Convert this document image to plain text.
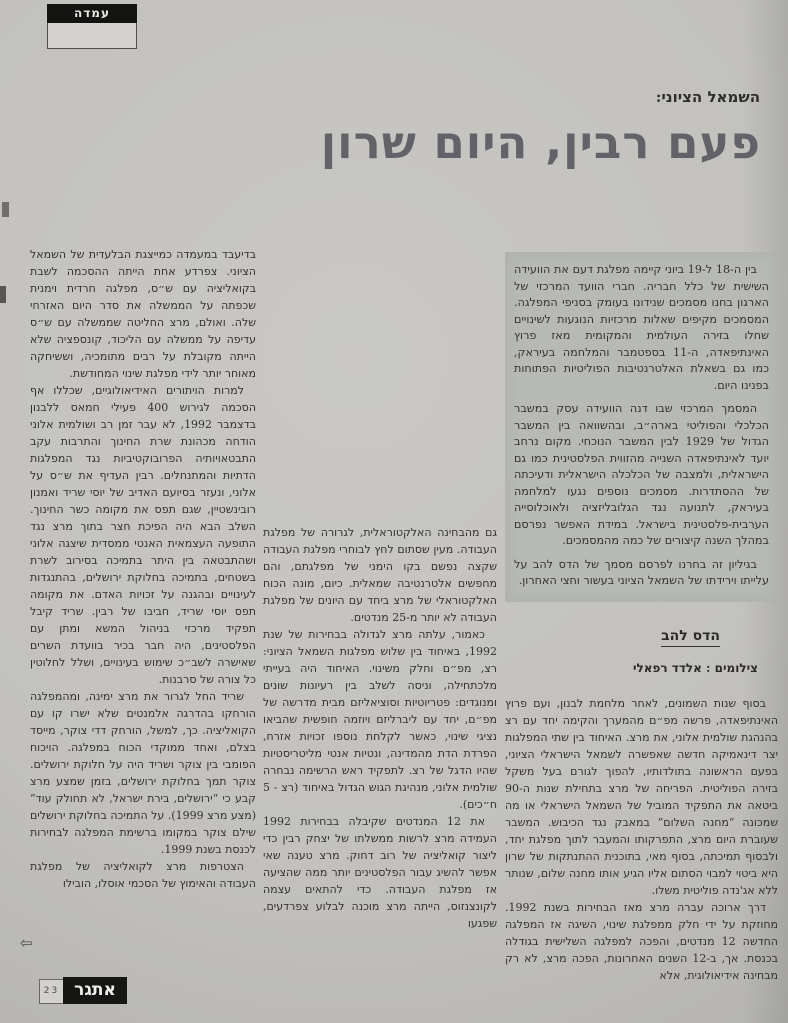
עמדה
השמאל הציוני:
פעם רבין, היום שרון

בין ה-18 ל-19 ביוני קיימה מפלגת דעם את הוועידה השישית של כלל חבריה. חברי הוועד המרכזי של הארגון בחנו מסמכים שנידונו בעומק בסניפי המפלגה. המסמכים מקיפים שאלות מרכזיות הנוגעות לשינויים שחלו בזירה העולמית והמקומית מאז פרוץ האינתיפאדה, ה-11 בספטמבר והמלחמה בעיראק, כמו גם בשאלת האלטרנטיבות הפוליטיות הפתוחות בפנינו היום.

המסמך המרכזי שבו דנה הוועידה עסק במשבר הכלכלי והפוליטי בארה״ב, ובהשוואה בין המשבר הגדול של 1929 לבין המשבר הנוכחי. מקום נרחב יועד לאינתיפאדה השנייה מהזווית הפלסטינית כמו גם הישראלית, ולמצבה של הכלכלה הישראלית ודעיכתה של ההסתדרות. מסמכים נוספים נגעו למלחמה בעיראק, לתנועה נגד הגלובליזציה ולאוכלוסייה הערבית-פלסטינית בישראל. במידת האפשר נפרסם במהלך השנה קיצורים של כמה מהמסמכים.

בגיליון זה בחרנו לפרסם מסמך של הדס להב על עלייתו וירידתו של השמאל הציוני בעשור וחצי האחרון.

הדס להב
צילומים : אלדד רפאלי

בסוף שנות השמונים, לאחר מלחמת לבנון, ועם פרוץ האינתיפאדה, פרשה מפ״ם מהמערך והקימה יחד עם רצ בהנהגת שולמית אלוני, את מרצ. האיחוד בין שתי המפלגות יצר דינאמיקה חדשה שאפשרה לשמאל הישראלי הציוני, בפעם הראשונה בתולדותיו, להפוך לגורם בעל משקל בזירה הפוליטית. הפריחה של מרצ בתחילת שנות ה-90 ביטאה את התפקיד המוביל של השמאל הישראלי או מה שמכונה “מחנה השלום” במאבק נגד הכיבוש. המשבר שעוברת היום מרצ, התפרקותו והמעבר לתוך מפלגת יחד, ולבסוף תמיכתה, בסוף מאי, בתוכנית ההתנתקות של שרון היא ביטוי למבוי הסתום אליו הגיע אותו מחנה שלום, שנותר ללא אג'נדה פוליטית משלו.

דרך ארוכה עברה מרצ מאז הבחירות בשנת 1992. מחוזקת על ידי חלק ממפלגת שינוי, השיגה אז המפלגה החדשה 12 מנדטים, והפכה למפלגה השלישית בגודלה בכנסת. אך, ב-12 השנים האחרונות, הפכה מרצ, לא רק מבחינה אידיאולוגית, אלא

גם מהבחינה האלקטוראלית, לגרורה של מפלגת העבודה. מעין שסתום לחץ לבוחרי מפלגת העבודה שקצה נפשם בקו הימני של מפלגתם, והם מחפשים אלטרנטיבה שמאלית. כיום, מונה הכוח האלקטוראלי של מרצ ביחד עם היונים של מפלגת העבודה לא יותר מ-25 מנדטים.

כאמור, עלתה מרצ לגדולה בבחירות של שנת 1992, באיחוד בין שלוש מפלגות השמאל הציוני: רצ, מפ״ם וחלק משינוי. האיחוד היה בעייתי מלכתחילה, וניסה לשלב בין רעיונות שונים ומנוגדים: פטריוטיות וסוציאליזם מבית מדרשה של מפ״ם, יחד עם ליברליזם ויוזמה חופשית שהביאו נציגי שינוי, כאשר לקלחת נוספו זכויות אזרח, הפרדת הדת מהמדינה, ונטיות אנטי מליטריסטיות שהיו הדגל של רצ. לתפקיד ראש הרשימה נבחרה שולמית אלוני, מנהיגת הגוש הגדול באיחוד (רצ - 5 ח״כים).

את 12 המנדטים שקיבלה בבחירות 1992 העמידה מרצ לרשות ממשלתו של יצחק רבין כדי ליצור קואליציה של רוב דחוק. מרצ טענה שאי אפשר להשיג עבור הפלסטינים יותר ממה שהציעה אז מפלגת העבודה. כדי להתאים עצמה לקונצנזוס, הייתה מרצ מוכנה לבלוע צפרדעים, שפגעו

בדיעבד במעמדה כמייצגת הבלעדית של השמאל הציוני. צפרדע אחת הייתה ההסכמה לשבת בקואליציה עם ש״ס, מפלגה חרדית וימנית שכפתה על הממשלה את סדר היום האזרחי שלה. ואולם, מרצ החליטה שממשלה עם ש״ס עדיפה על ממשלה עם הליכוד, קונספציה שלא הייתה מקובלת על רבים מתומכיה, וששיחקה מאוחר יותר לידי מפלגת שינוי המחודשת.

למרות הויתורים האידיאולוגיים, שכללו אף הסכמה לגירוש 400 פעילי חמאס ללבנון בדצמבר 1992, לא עבר זמן רב ושולמית אלוני הודחה מכהונת שרת החינוך והתרבות עקב התבטאויותיה הפרובוקטיביות נגד המפלגות הדתיות והמתנחלים. רבין העדיף את ש״ס על אלוני, ונעזר בסיועם האדיב של יוסי שריד ואמנון רובינשטיין, שגם תפס את מקומה כשר החינוך. השלב הבא היה הפיכת חצר בתוך מרצ נגד התופעה העצמאית האנטי ממסדית שיצגה אלוני ושהתבטאה בין היתר בתמיכה בסירוב לשרת בשטחים, בתמיכה בחלוקת ירושלים, בהתנגדות לעינויים ובהגנה על זכויות האדם. את מקומה תפס יוסי שריד, חביבו של רבין. שריד קיבל תפקיד מרכזי בניהול המשא ומתן עם הפלסטינים, היה חבר בכיר בוועדת השרים שאישרה לשב״כ שימוש בעינויים, ושלל לחלוטין כל צורה של סרבנות.

שריד החל לגרור את מרצ ימינה, ומהמפלגה הורחקו בהדרגה אלמנטים שלא ישרו קו עם הקואליציה. כך, למשל, הורחק דדי צוקר, מייסד בצלם, ואחד ממוקדי הכוח במפלגה. הויכוח הפומבי בין צוקר ושריד היה על חלוקת ירושלים. צוקר תמך בחלוקת ירושלים, בזמן שמצע מרצ קבע כי “ירושלים, בירת ישראל, לא תחולק עוד” (מצע מרצ 1999). על התמיכה בחלוקת ירושלים שילם צוקר במקומו ברשימת המפלגה לבחירות לכנסת בשנת 1999.

הצטרפות מרצ לקואליציה של מפלגת העבודה והאימוץ של הסכמי אוסלו, הובילו

⇦
23 אתגר
